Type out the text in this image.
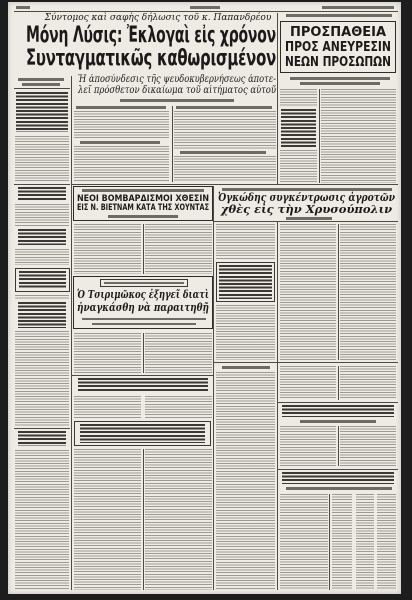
Σύντομος καὶ σαφὴς δήλωσις τοῦ κ. Παπανδρέου
Μόνη Λύσις: Ἐκλογαὶ εἰς χρόνον
Συνταγματικῶς καθωρισμένον
Ἡ ἀποσύνδεσις τῆς ψευδοκυβερνήσεως ἀποτε-
λεῖ πρόσθετον δικαίωμα τοῦ αἰτήματος αὐτοῦ
ΠΡΟΣΠΑΘΕΙΑ
ΠΡΟΣ ΑΝΕΥΡΕΣΙΝ
ΝΕΩΝ ΠΡΟΣΩΠΩΝ
ΝΕΟΙ ΒΟΜΒΑΡΔΙΣΜΟΙ ΧΘΕΣΙΝ
ΕΙΣ Ν. ΒΙΕΤΝΑΜ ΚΑΤΑ ΤΗΣ ΧΟΥΝΤΑΣ
Ὀγκώδης συγκέντρωσις ἀγροτῶν
χθὲς εἰς τὴν Χρυσούπολιν
Ὁ Τσιριμῶκος ἐξηγεῖ διατὶ
ἠναγκάσθη νὰ παραιτηθῇ
